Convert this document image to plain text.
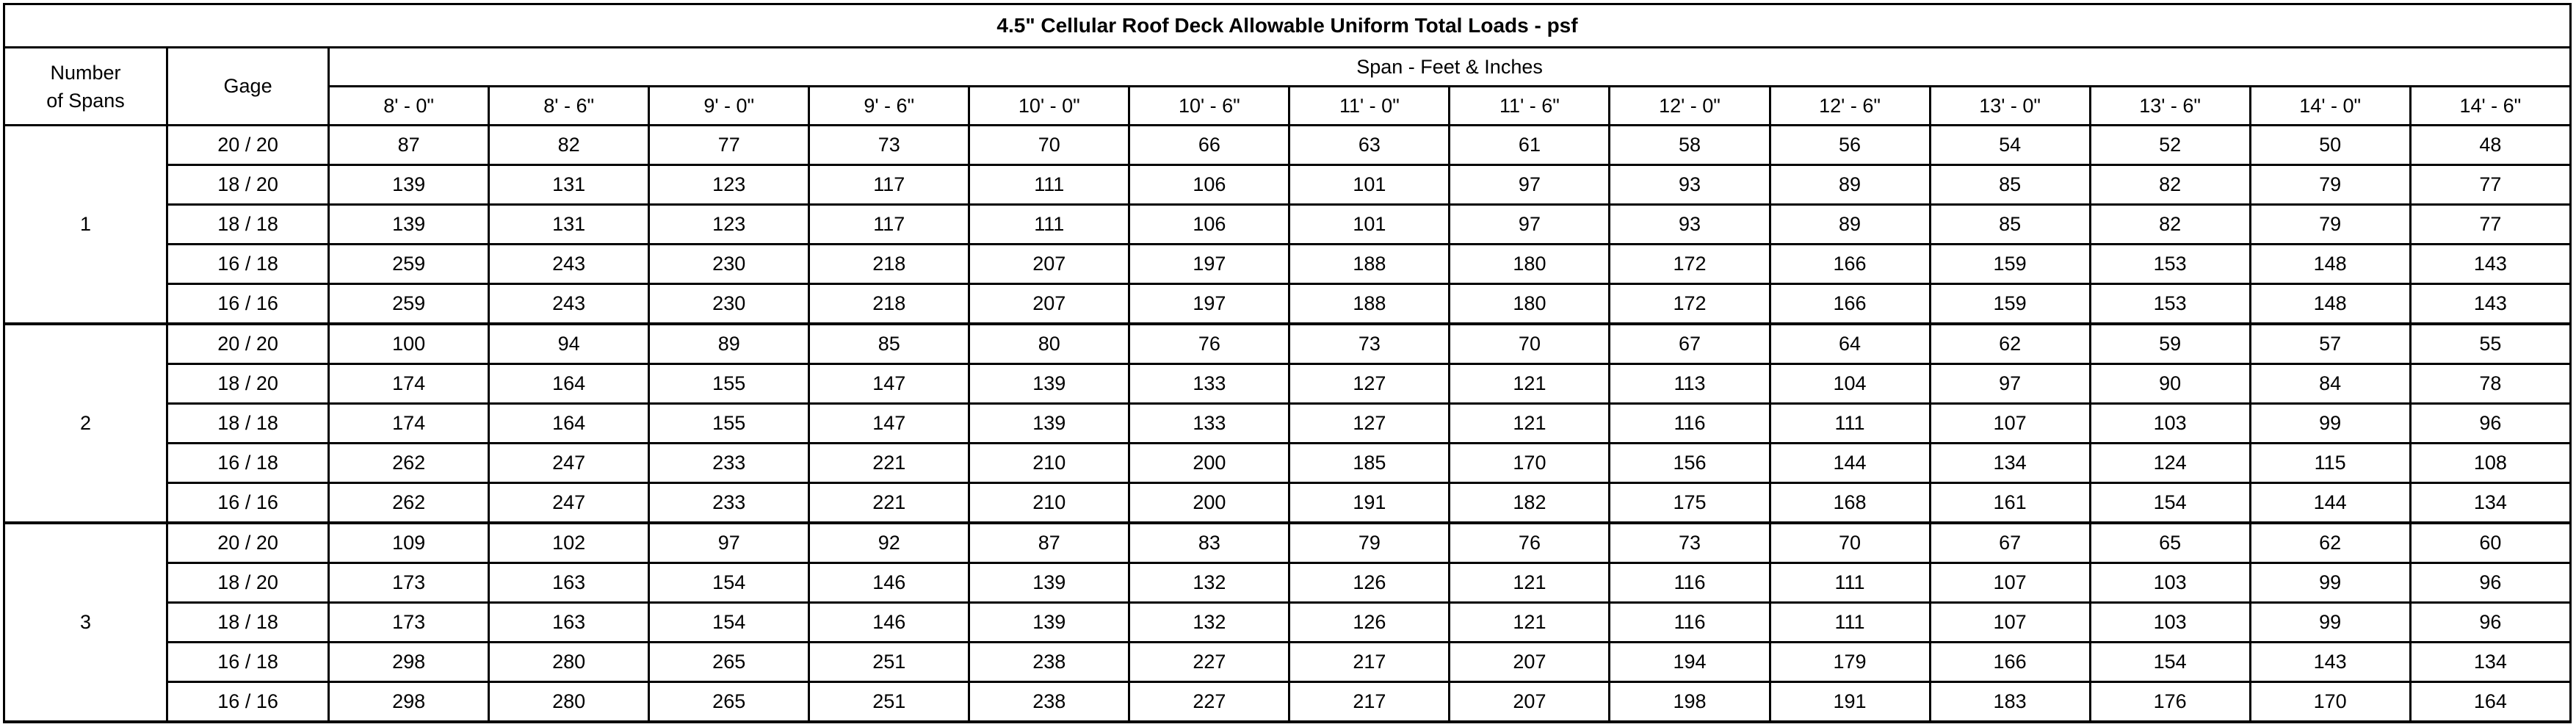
4.5" Cellular Roof Deck Allowable Uniform Total Loads - psf															
Number
of Spans	Gage	Span - Feet & Inches													
		8' - 0"	8' - 6"	9' - 0"	9' - 6"	10' - 0"	10' - 6"	11' - 0"	11' - 6"	12' - 0"	12' - 6"	13' - 0"	13' - 6"	14' - 0"	14' - 6"
1	20 / 20	87	82	77	73	70	66	63	61	58	56	54	52	50	48
	18 / 20	139	131	123	117	111	106	101	97	93	89	85	82	79	77
	18 / 18	139	131	123	117	111	106	101	97	93	89	85	82	79	77
	16 / 18	259	243	230	218	207	197	188	180	172	166	159	153	148	143
	16 / 16	259	243	230	218	207	197	188	180	172	166	159	153	148	143
2	20 / 20	100	94	89	85	80	76	73	70	67	64	62	59	57	55
	18 / 20	174	164	155	147	139	133	127	121	113	104	97	90	84	78
	18 / 18	174	164	155	147	139	133	127	121	116	111	107	103	99	96
	16 / 18	262	247	233	221	210	200	185	170	156	144	134	124	115	108
	16 / 16	262	247	233	221	210	200	191	182	175	168	161	154	144	134
3	20 / 20	109	102	97	92	87	83	79	76	73	70	67	65	62	60
	18 / 20	173	163	154	146	139	132	126	121	116	111	107	103	99	96
	18 / 18	173	163	154	146	139	132	126	121	116	111	107	103	99	96
	16 / 18	298	280	265	251	238	227	217	207	194	179	166	154	143	134
	16 / 16	298	280	265	251	238	227	217	207	198	191	183	176	170	164
